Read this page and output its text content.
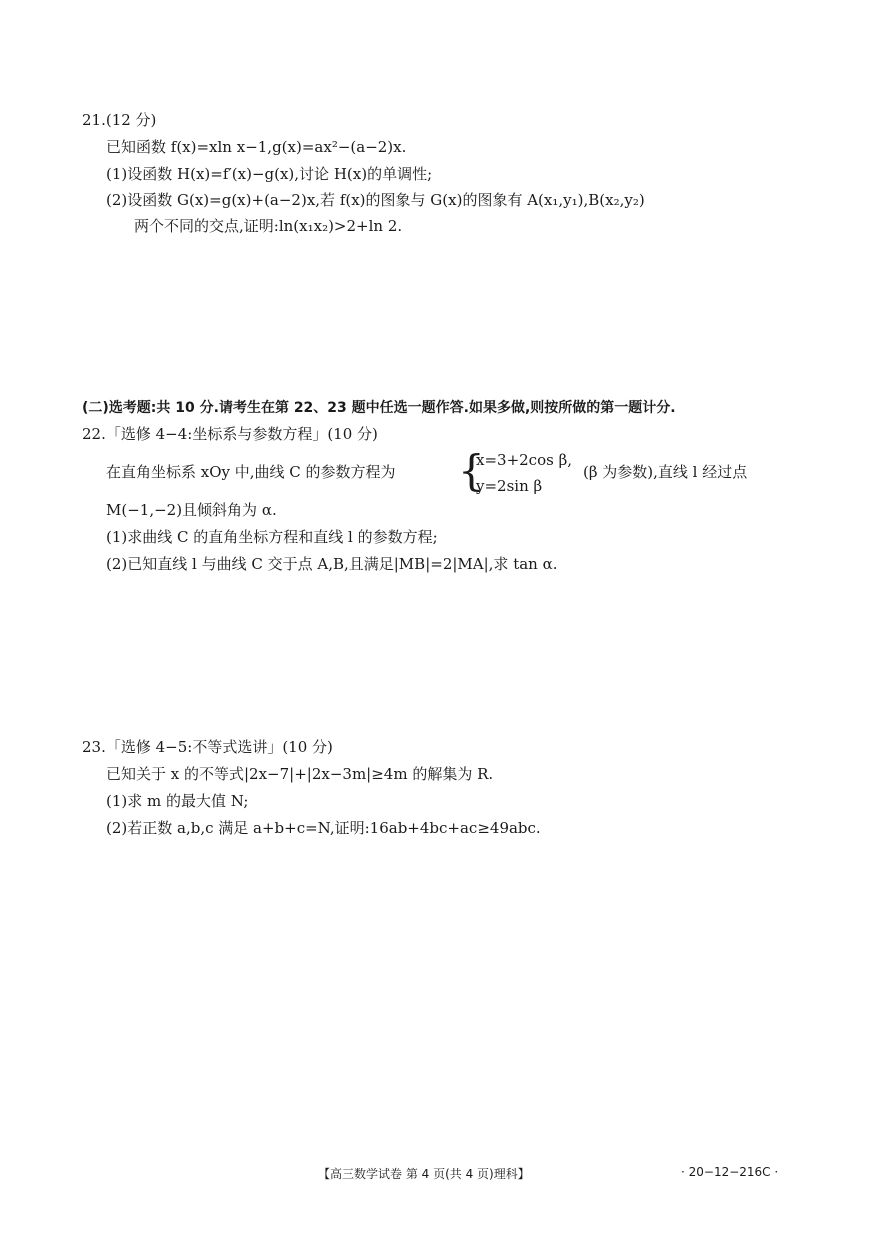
21.(12 分)
已知函数 f(x)=xln x−1,g(x)=ax²−(a−2)x.
(1)设函数 H(x)=f′(x)−g(x),讨论 H(x)的单调性;
(2)设函数 G(x)=g(x)+(a−2)x,若 f(x)的图象与 G(x)的图象有 A(x₁,y₁),B(x₂,y₂)
两个不同的交点,证明:ln(x₁x₂)>2+ln 2.
(二)选考题:共 10 分.请考生在第 22、23 题中任选一题作答.如果多做,则按所做的第一题计分.
22.「选修 4−4:坐标系与参数方程」(10 分)
在直角坐标系 xOy 中,曲线 C 的参数方程为 {
x=3+2cos β,
y=2sin β
(β 为参数),直线 l 经过点
M(−1,−2)且倾斜角为 α.
(1)求曲线 C 的直角坐标方程和直线 l 的参数方程;
(2)已知直线 l 与曲线 C 交于点 A,B,且满足|MB|=2|MA|,求 tan α.
23.「选修 4−5:不等式选讲」(10 分)
已知关于 x 的不等式|2x−7|+|2x−3m|≥4m 的解集为 R.
(1)求 m 的最大值 N;
(2)若正数 a,b,c 满足 a+b+c=N,证明:16ab+4bc+ac≥49abc.
【高三数学试卷 第 4 页(共 4 页)理科】	· 20−12−216C ·
